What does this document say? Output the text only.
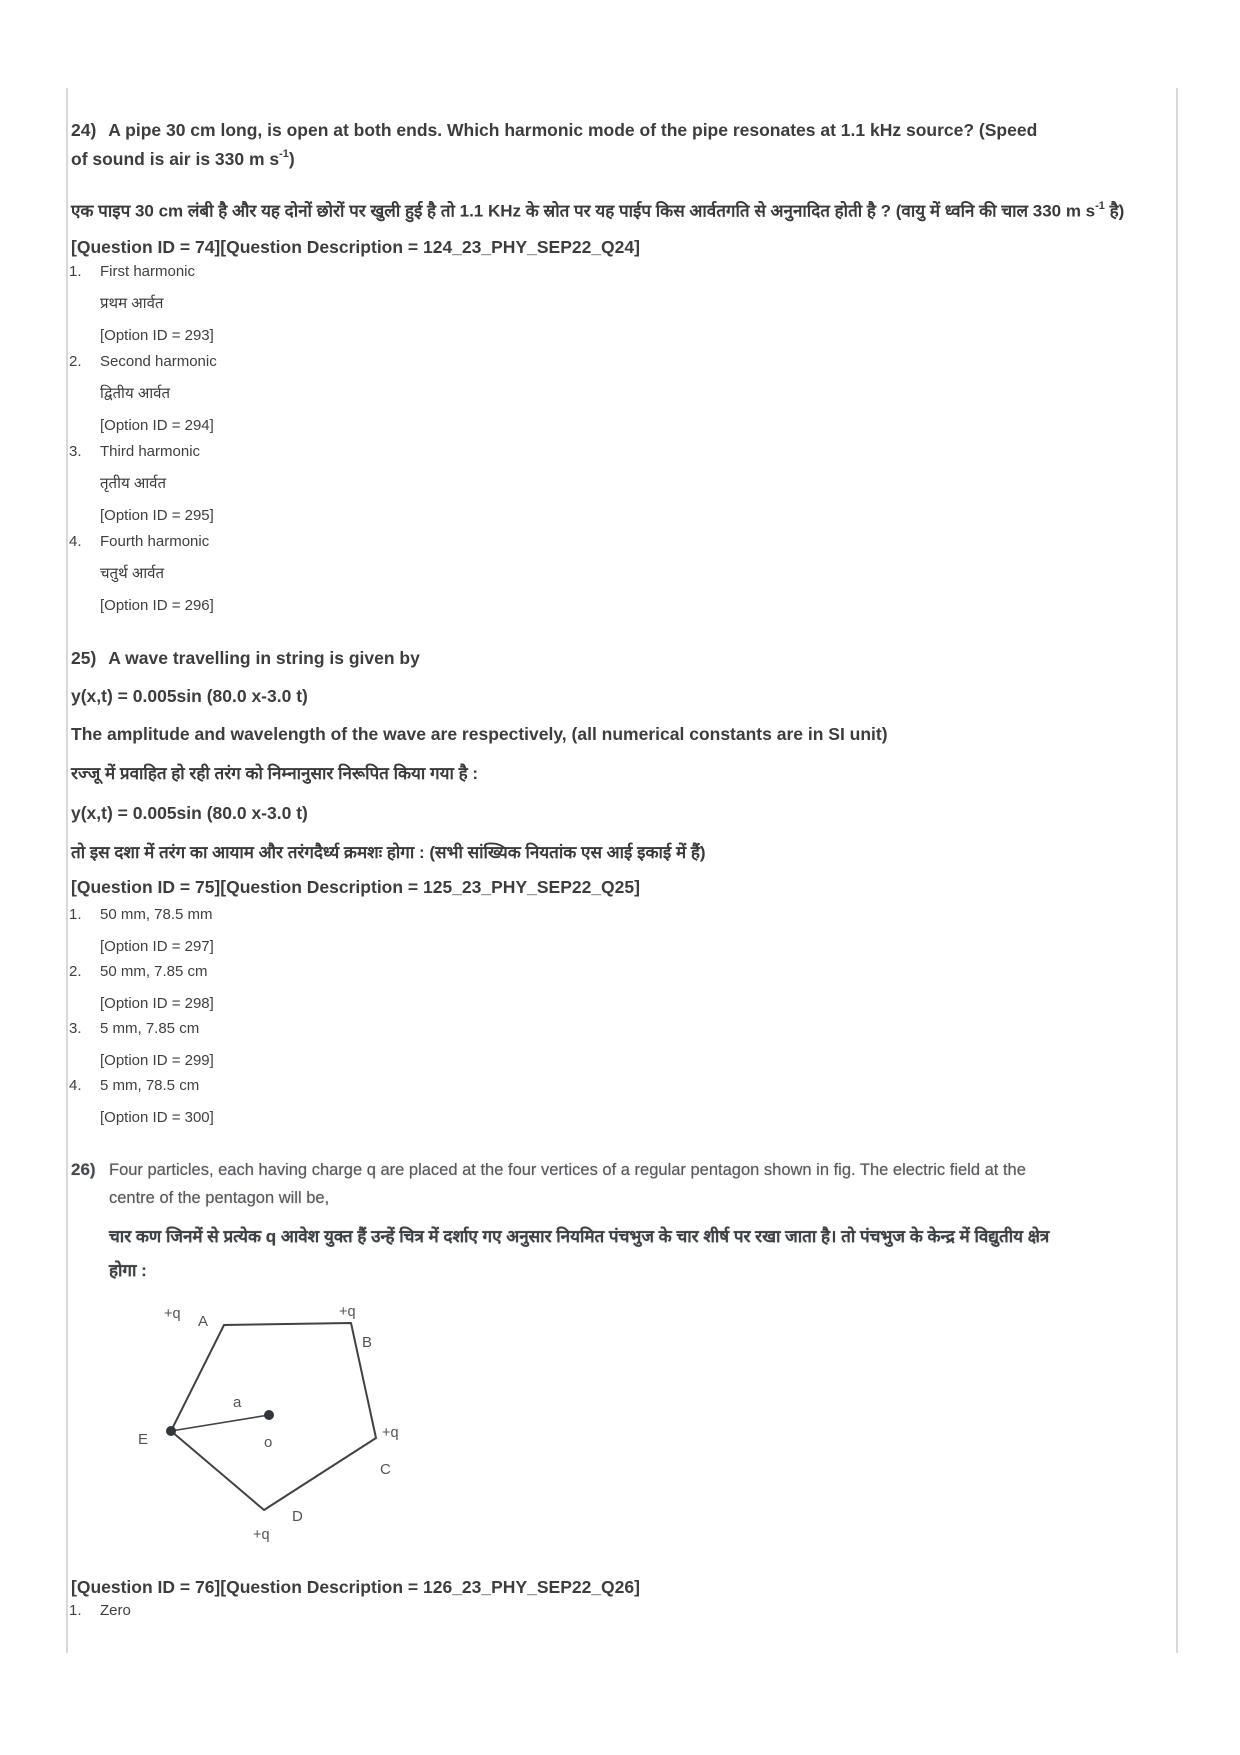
24) A pipe 30 cm long, is open at both ends. Which harmonic mode of the pipe resonates at 1.1 kHz source? (Speed of sound is air is 330 m $s^{-1}$)

एक पाइप 30 cm लंबी है और यह दोनों छोरों पर खुली हुई है तो 1.1 KHz के स्रोत पर यह पाईप किस आर्वतगति से अनुनादित होती है ? (वायु में ध्वनि की चाल 330 m $s^{-1}$ है)

[Question ID = 74][Question Description = 124_23_PHY_SEP22_Q24]

1. First harmonic
प्रथम आर्वत
[Option ID = 293]
2. Second harmonic
द्वितीय आर्वत
[Option ID = 294]
3. Third harmonic
तृतीय आर्वत
[Option ID = 295]
4. Fourth harmonic
चतुर्थ आर्वत
[Option ID = 296]

25) A wave travelling in string is given by

y(x,t) = 0.005sin (80.0 x-3.0 t)

The amplitude and wavelength of the wave are respectively, (all numerical constants are in SI unit)

रज्जू में प्रवाहित हो रही तरंग को निम्नानुसार निरूपित किया गया है :

y(x,t) = 0.005sin (80.0 x-3.0 t)

तो इस दशा में तरंग का आयाम और तरंगदैर्ध्य क्रमशः होगा : (सभी सांख्यिक नियतांक एस आई इकाई में हैं)

[Question ID = 75][Question Description = 125_23_PHY_SEP22_Q25]

1. 50 mm, 78.5 mm
[Option ID = 297]
2. 50 mm, 7.85 cm
[Option ID = 298]
3. 5 mm, 7.85 cm
[Option ID = 299]
4. 5 mm, 78.5 cm
[Option ID = 300]
26) Four particles, each having charge q are placed at the four vertices of a regular pentagon shown in fig. The electric field at the centre of the pentagon will be,

चार कण जिनमें से प्रत्येक q आवेश युक्त हैं उन्हें चित्र में दर्शाए गए अनुसार नियमित पंचभुज के चार शीर्ष पर रखा जाता है। तो पंचभुज के केन्द्र में विद्युतीय क्षेत्र होगा :

+q A
+q
B
+q
C
D
+q
E
a
o

[Question ID = 76][Question Description = 126_23_PHY_SEP22_Q26]

1. Zero
